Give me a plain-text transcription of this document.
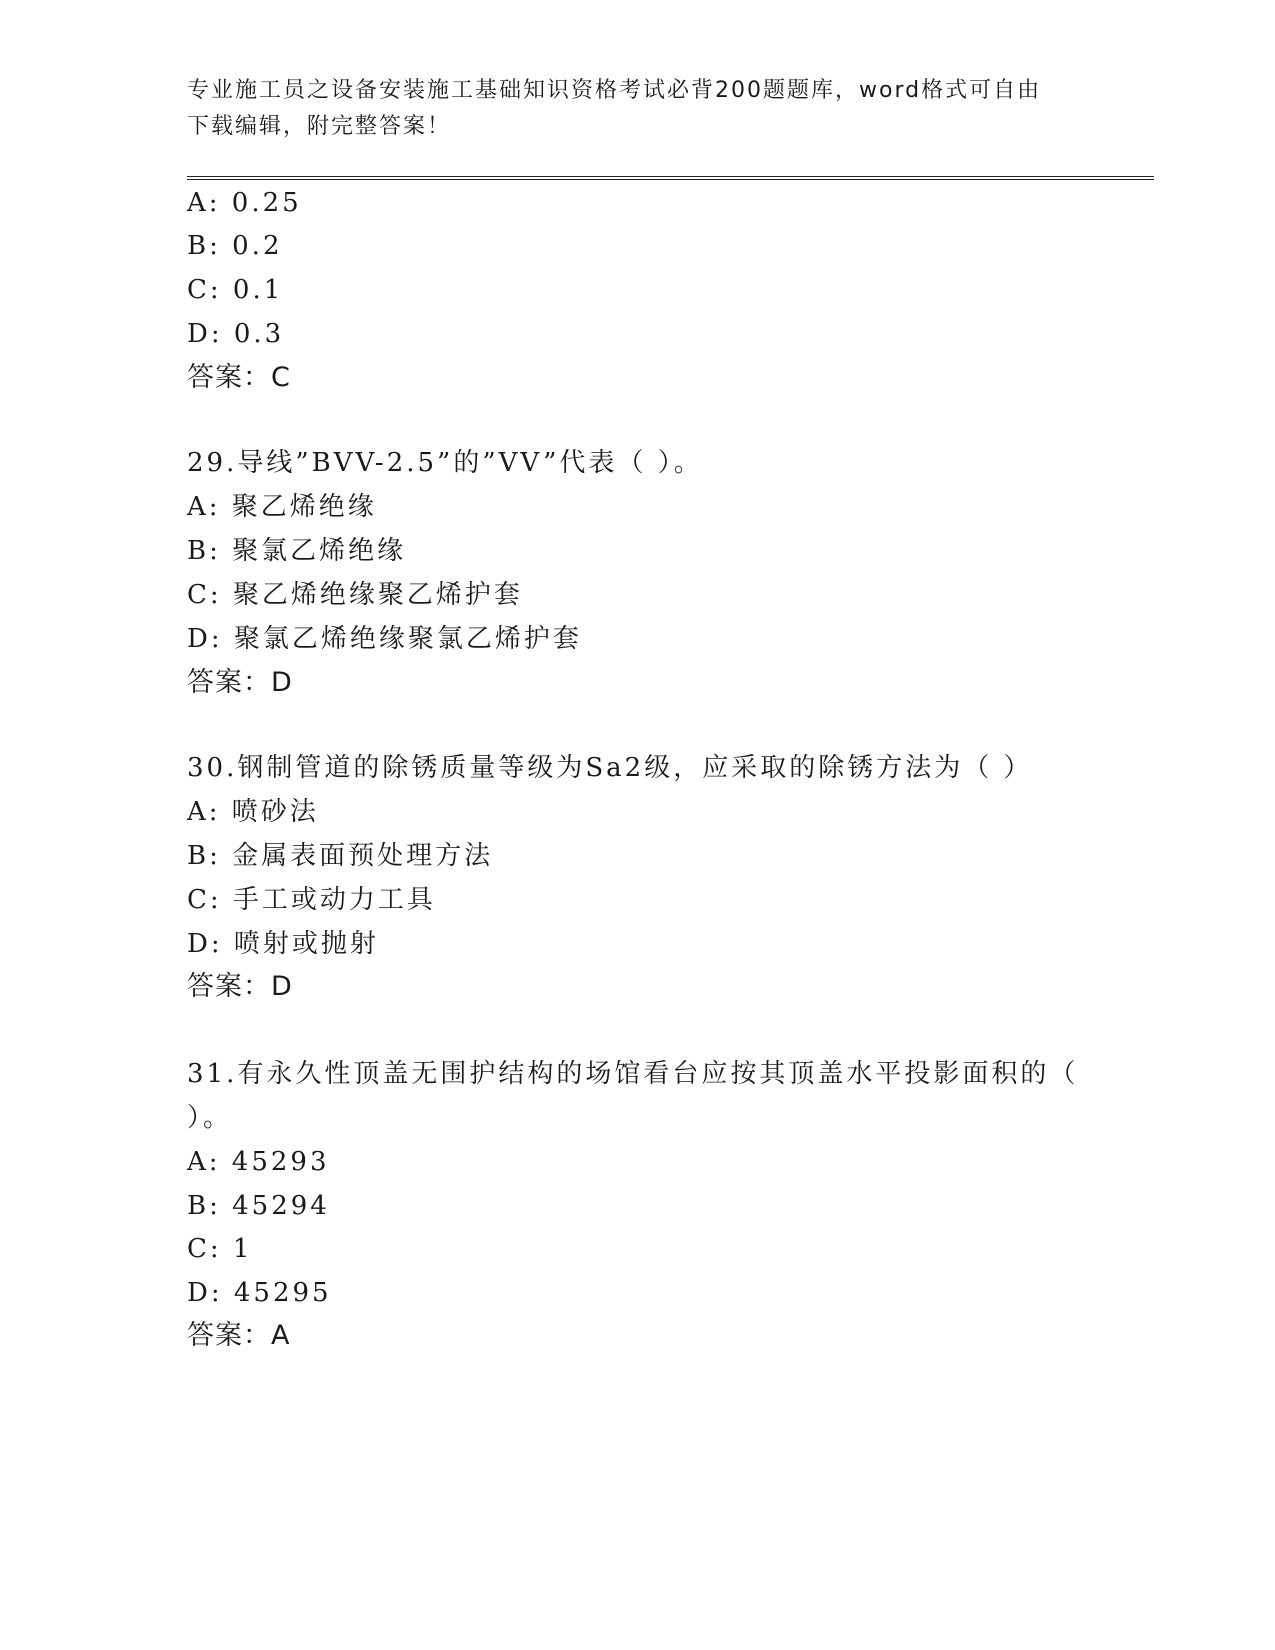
专业施工员之设备安装施工基础知识资格考试必背200题题库，word格式可自由
下载编辑，附完整答案！
A: 0.25
B: 0.2
C: 0.1
D: 0.3
答案：C
29.导线”BVV-2.5”的”VV”代表（ ）。
A: 聚乙烯绝缘
B: 聚氯乙烯绝缘
C: 聚乙烯绝缘聚乙烯护套
D: 聚氯乙烯绝缘聚氯乙烯护套
答案：D
30.钢制管道的除锈质量等级为Sa2级，应采取的除锈方法为（ ）
A: 喷砂法
B: 金属表面预处理方法
C: 手工或动力工具
D: 喷射或抛射
答案：D
31.有永久性顶盖无围护结构的场馆看台应按其顶盖水平投影面积的（
）。
A: 45293
B: 45294
C: 1
D: 45295
答案：A
